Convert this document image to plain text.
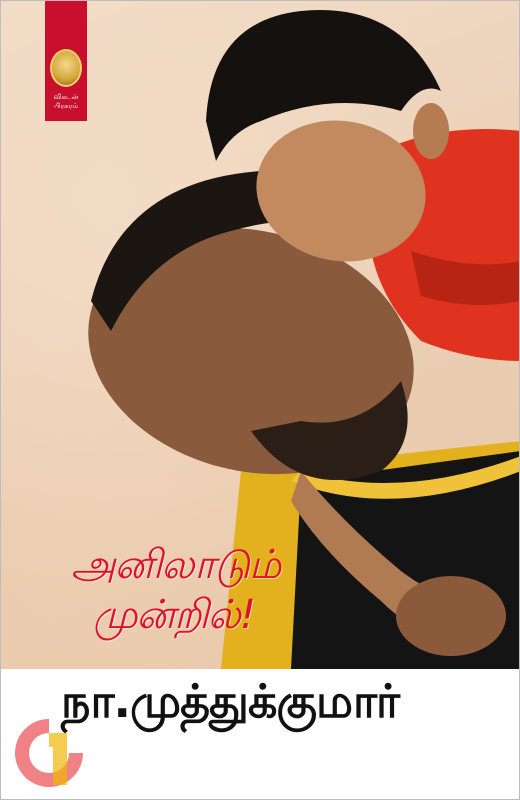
விகடன் பிரசுரம்
அனிலாடும்
முன்றில்!
நா.முத்துக்குமார்
